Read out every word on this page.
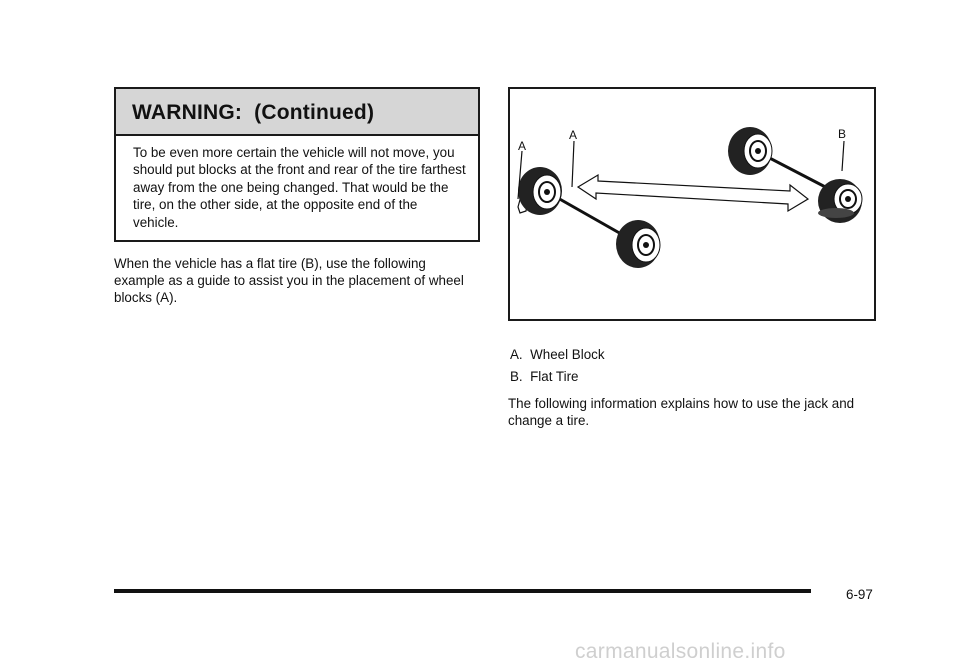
WARNING:  (Continued)
To be even more certain the vehicle will not move, you should put blocks at the front and rear of the tire farthest away from the one being changed. That would be the tire, on the other side, at the opposite end of the vehicle.
When the vehicle has a flat tire (B), use the following example as a guide to assist you in the placement of wheel blocks (A).
A
A	B
A. Wheel Block
B. Flat Tire
The following information explains how to use the jack and change a tire.
6-97
carmanualsonline.info
